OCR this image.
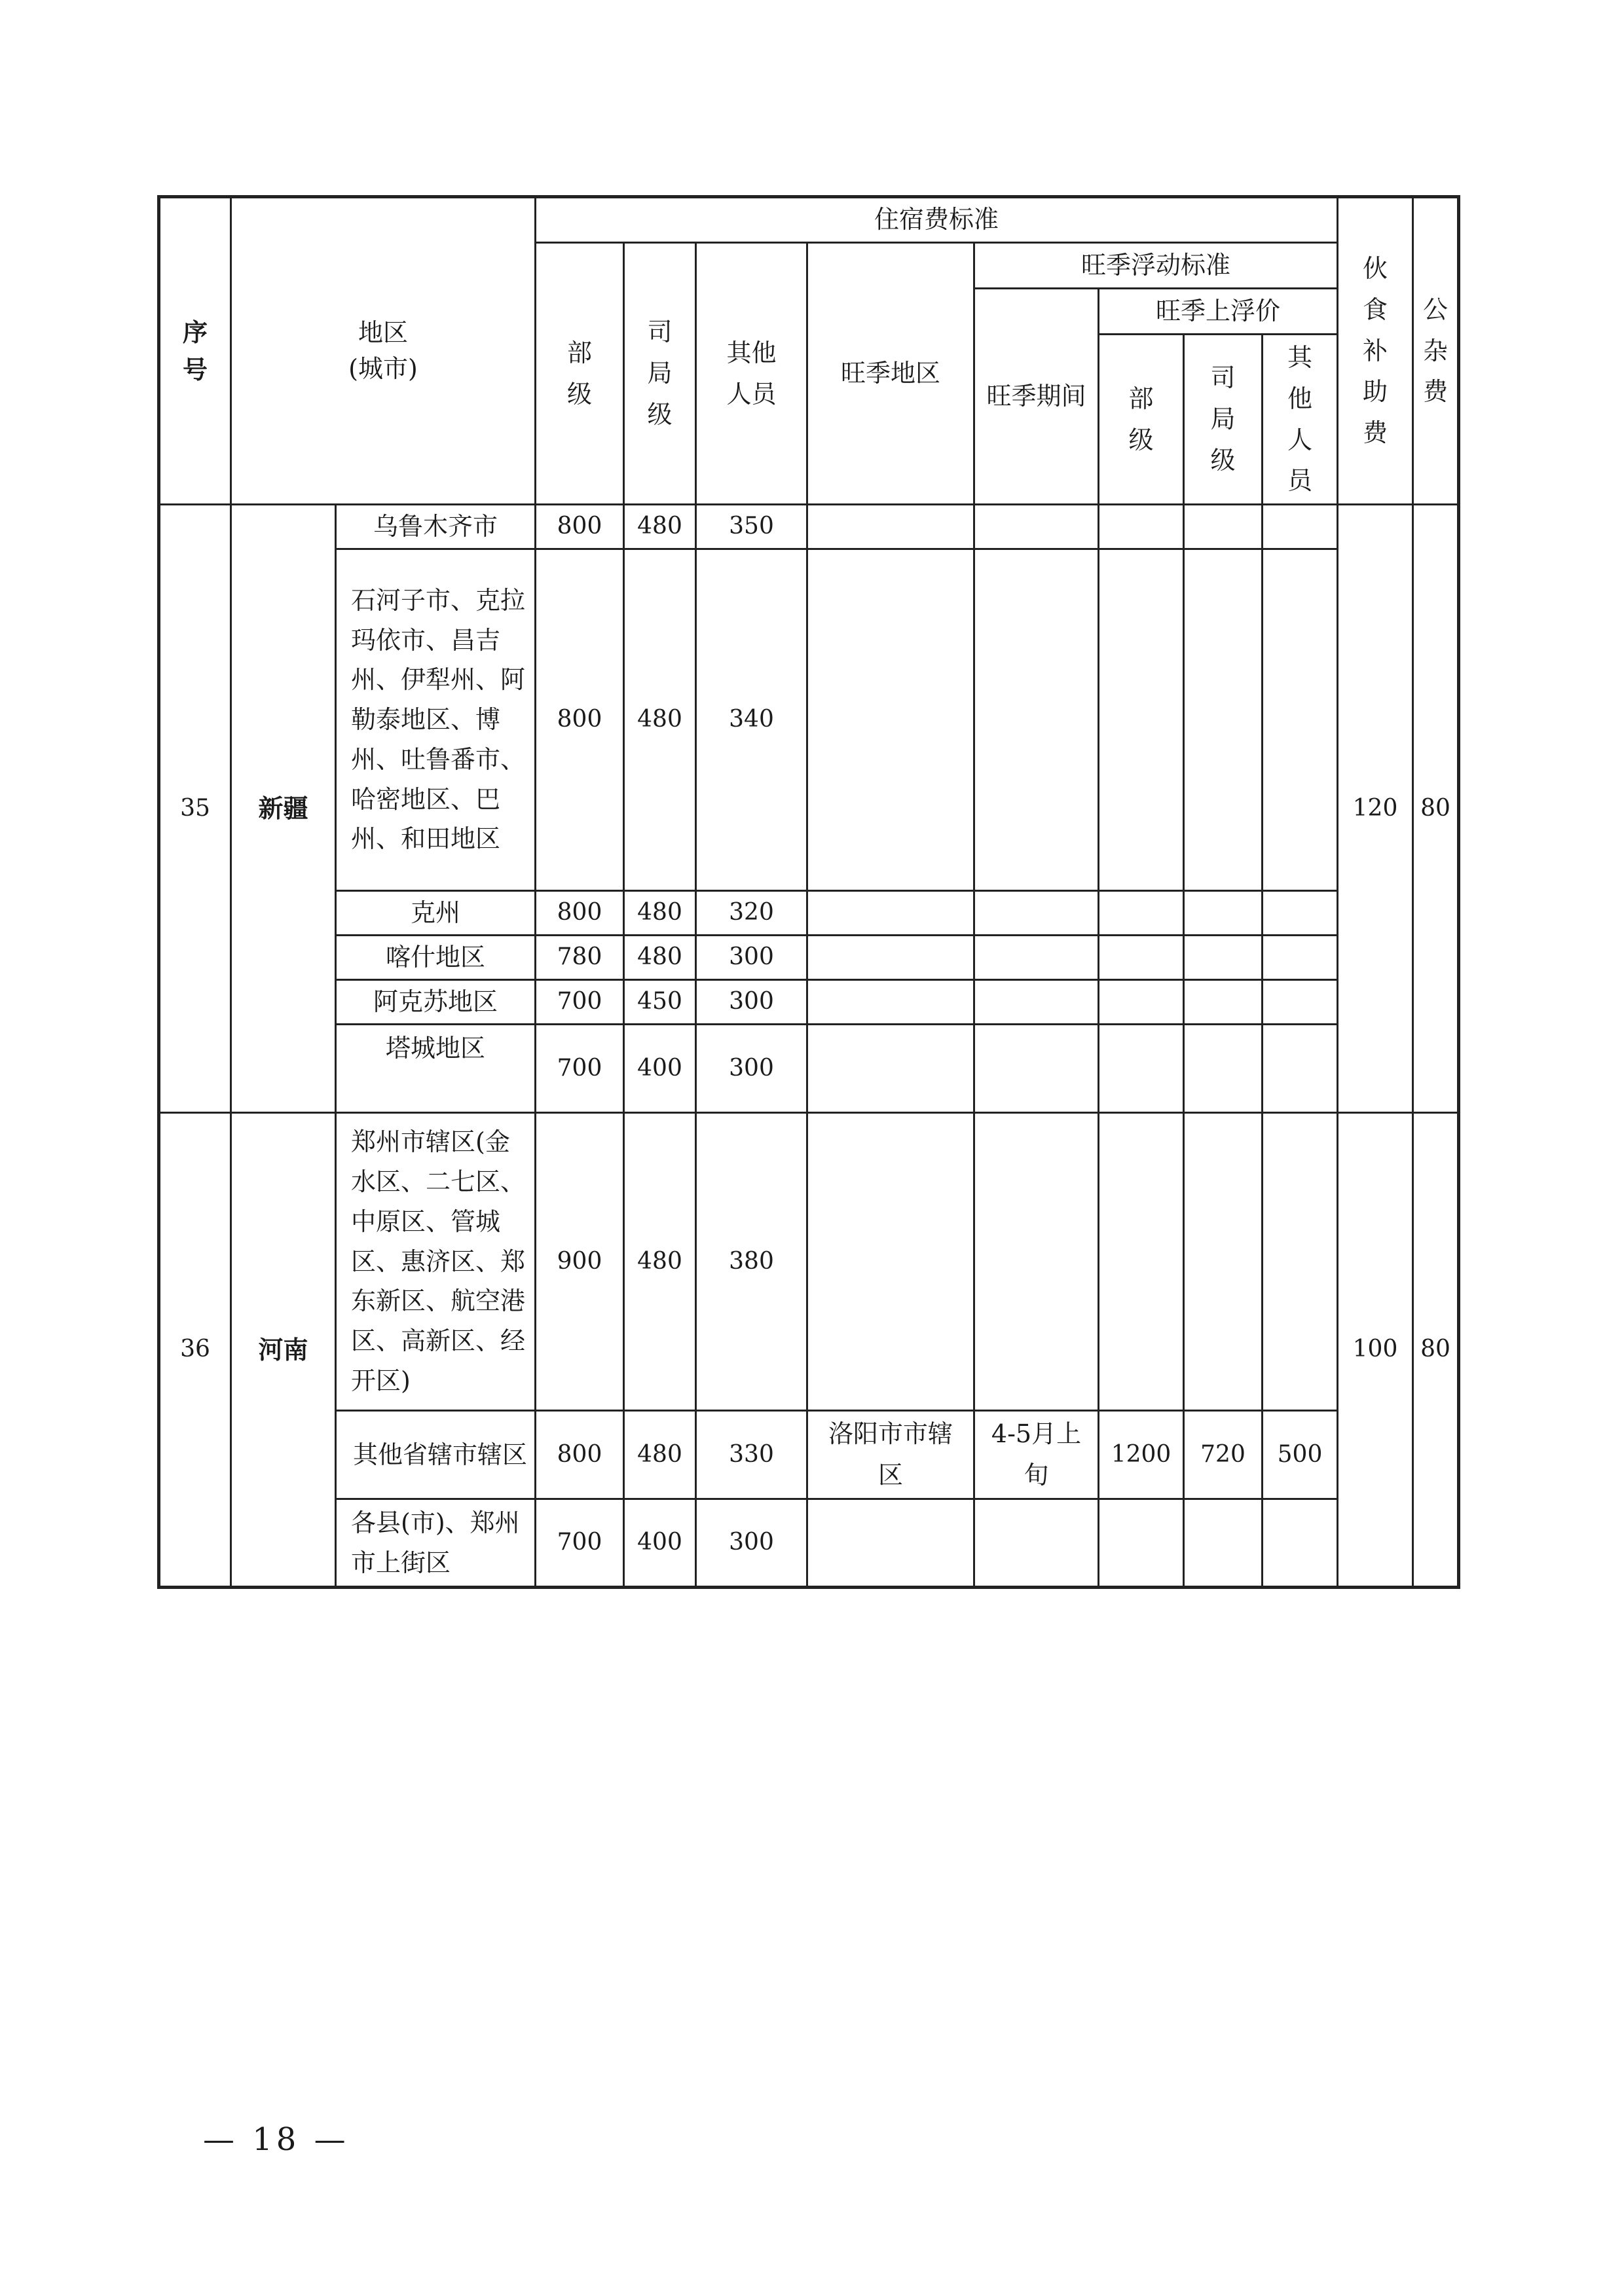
序号	地区
(城市)		住宿费标准								伙食补助费	公杂费
			部级	司局级	其他人员	旺季地区	旺季浮动标准					
							旺季期间	旺季上浮价				
								部级	司局级	其他人员		
35	新疆	乌鲁木齐市	800	480	350						120	80

		石河子市、克拉玛依市、昌吉州、伊犁州、阿勒泰地区、博州、吐鲁番市、哈密地区、巴州、和田地区	800	480	340							
		克州	800	480	320							
		喀什地区	780	480	300							
		阿克苏地区	700	450	300							
		塔城地区	700	400	300							
36	河南	郑州市辖区(金水区、二七区、中原区、管城区、惠济区、郑东新区、航空港区、高新区、经开区)	900	480	380						100	80

		其他省辖市辖区	800	480	330	洛阳市市辖区	4-5月上旬	1200	720	500		

		各县(市)、郑州市上街区	700	400	300							
— 18 —
